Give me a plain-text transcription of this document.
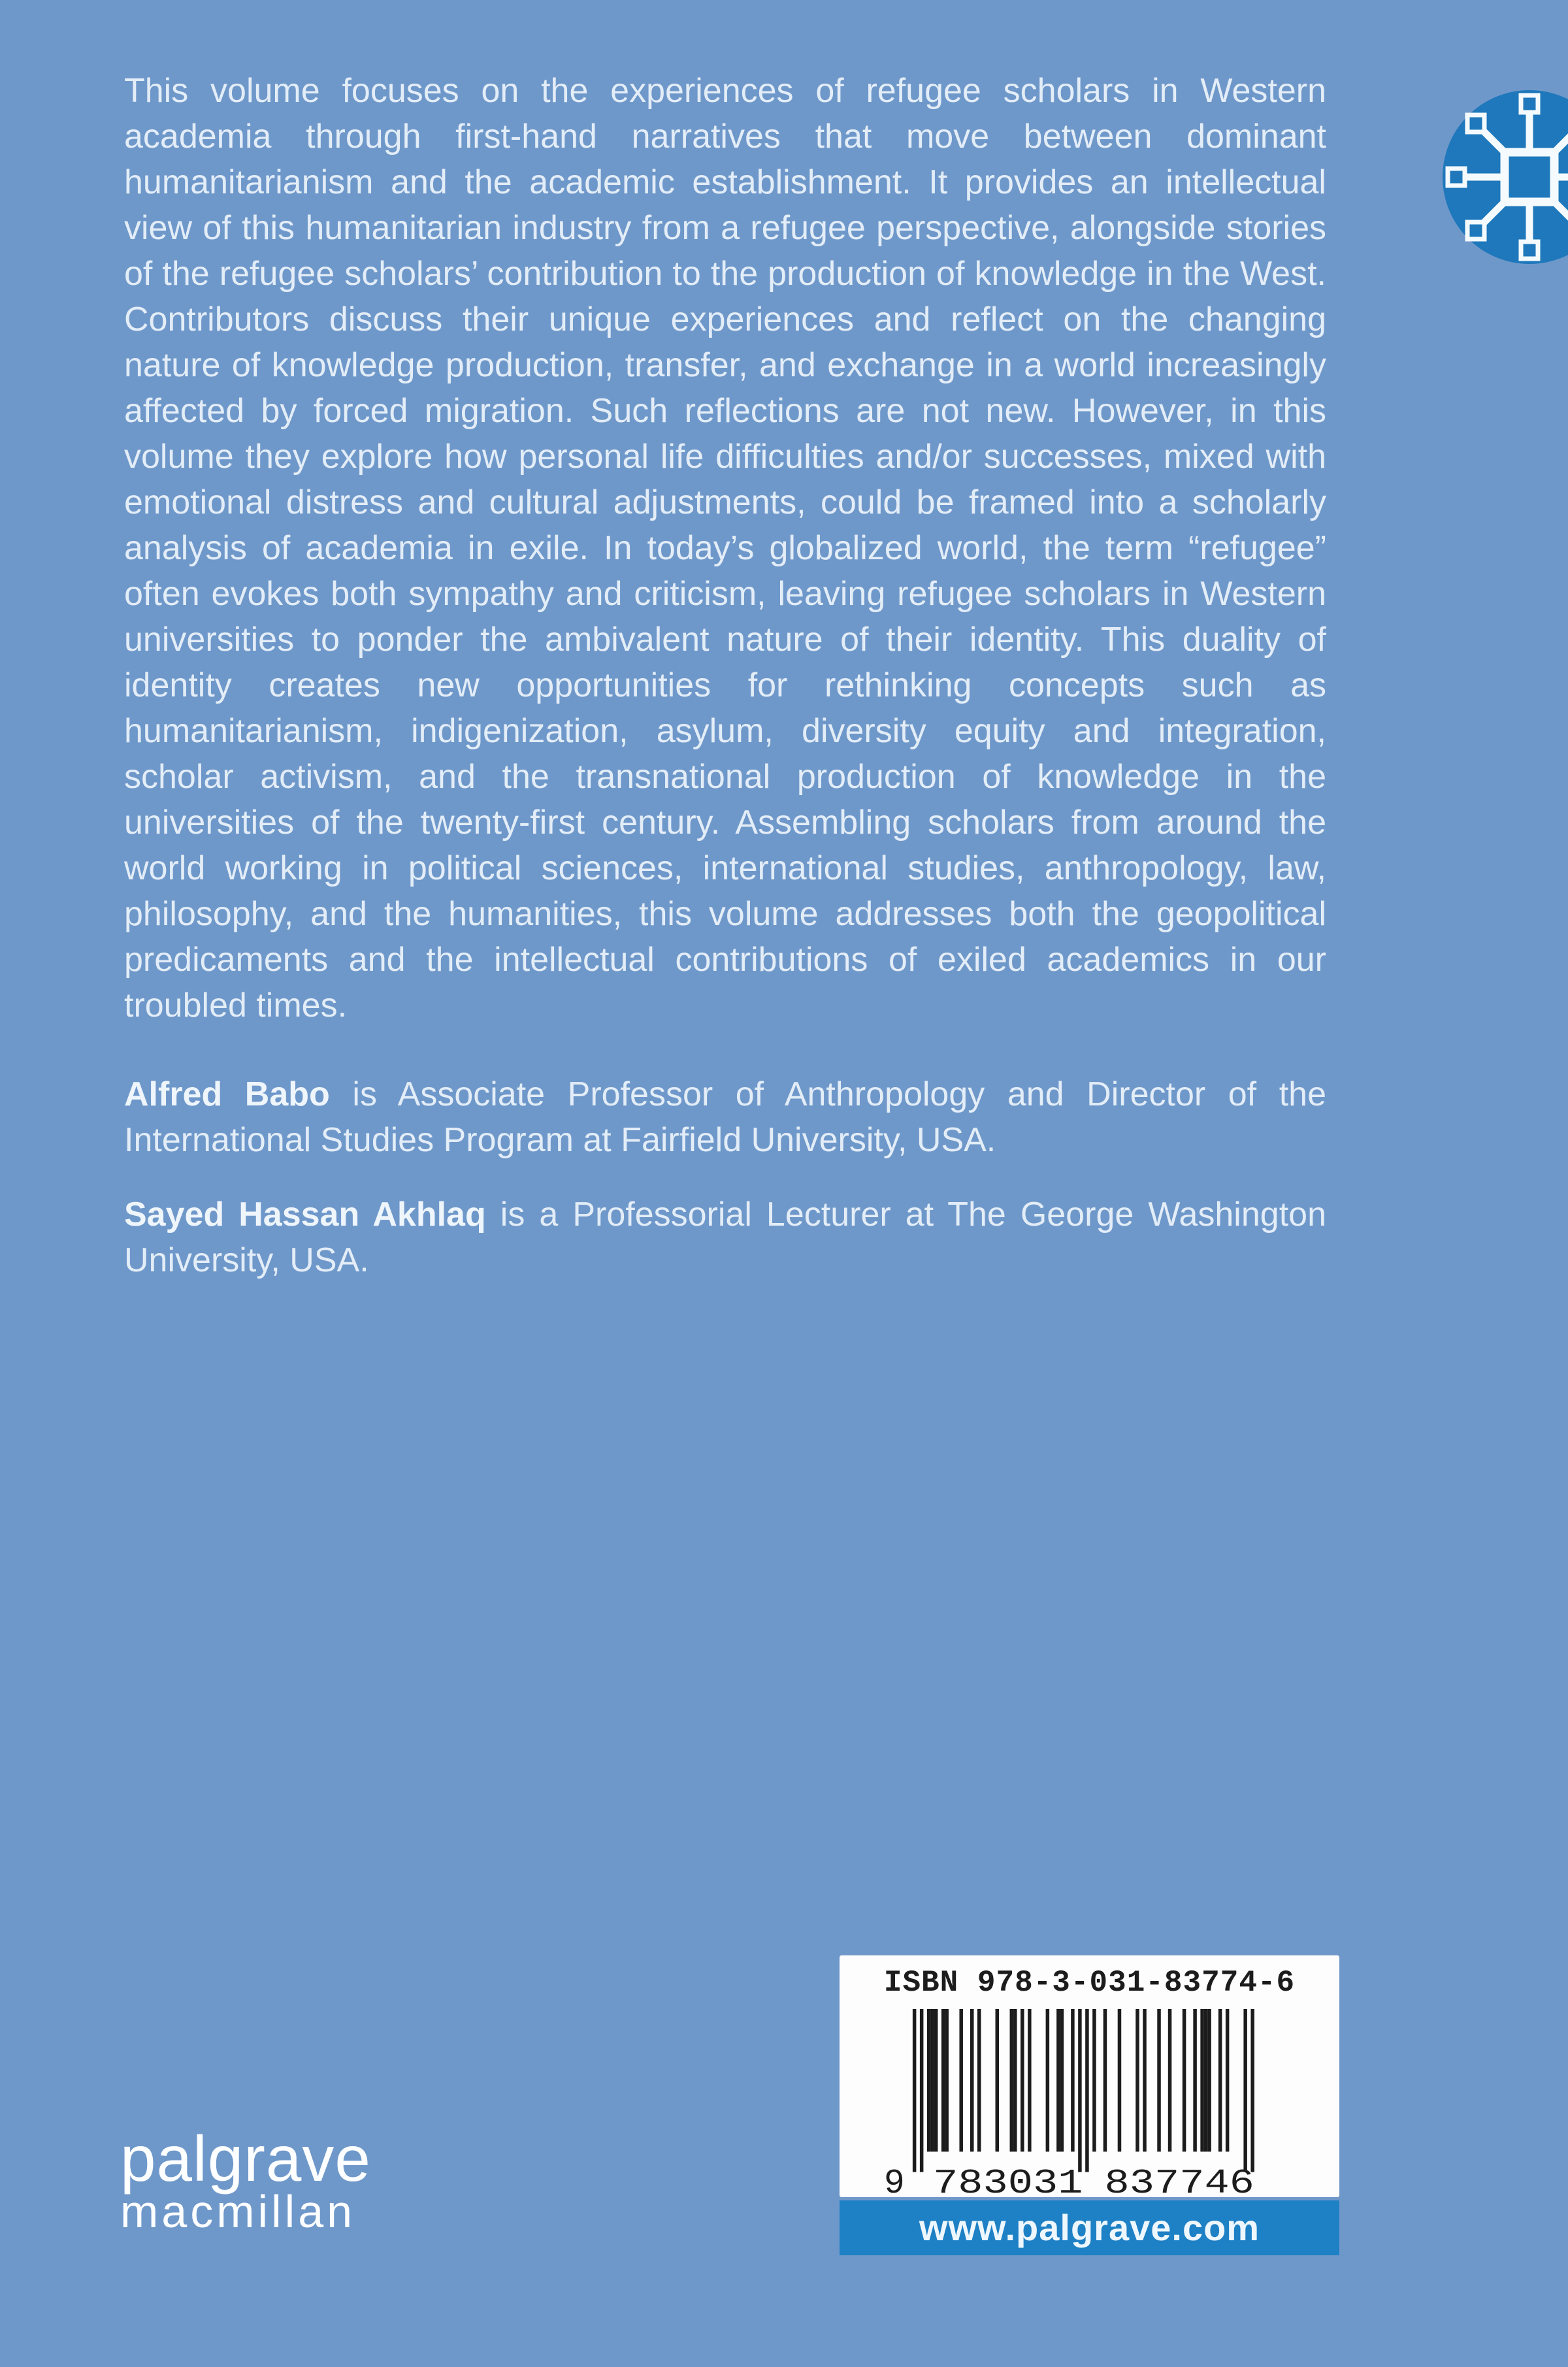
This volume focuses on the experiences of refugee scholars in Western academia through first-hand narratives that move between dominant humanitarianism and the academic establishment. It provides an intellectual view of this humanitarian industry from a refugee perspective, alongside stories of the refugee scholars’ contribution to the production of knowledge in the West. Contributors discuss their unique experiences and reflect on the changing nature of knowledge production, transfer, and exchange in a world increasingly affected by forced migration. Such reflections are not new. However, in this volume they explore how personal life difficulties and/or successes, mixed with emotional distress and cultural adjustments, could be framed into a scholarly analysis of academia in exile. In today’s globalized world, the term “refugee” often evokes both sympathy and criticism, leaving refugee scholars in Western universities to ponder the ambivalent nature of their identity. This duality of identity creates new opportunities for rethinking concepts such as humanitarianism, indigenization, asylum, diversity equity and integration, scholar activism, and the transnational production of knowledge in the universities of the twenty-first century. Assembling scholars from around the world working in political sciences, international studies, anthropology, law, philosophy, and the humanities, this volume addresses both the geopolitical predicaments and the intellectual contributions of exiled academics in our troubled times.

Alfred Babo is Associate Professor of Anthropology and Director of the International Studies Program at Fairfield University, USA.

Sayed Hassan Akhlaq is a Professorial Lecturer at The George Washington University, USA.

palgrave
macmillan
ISBN 978-3-031-83774-6
9 783031 837746
www.palgrave.com
